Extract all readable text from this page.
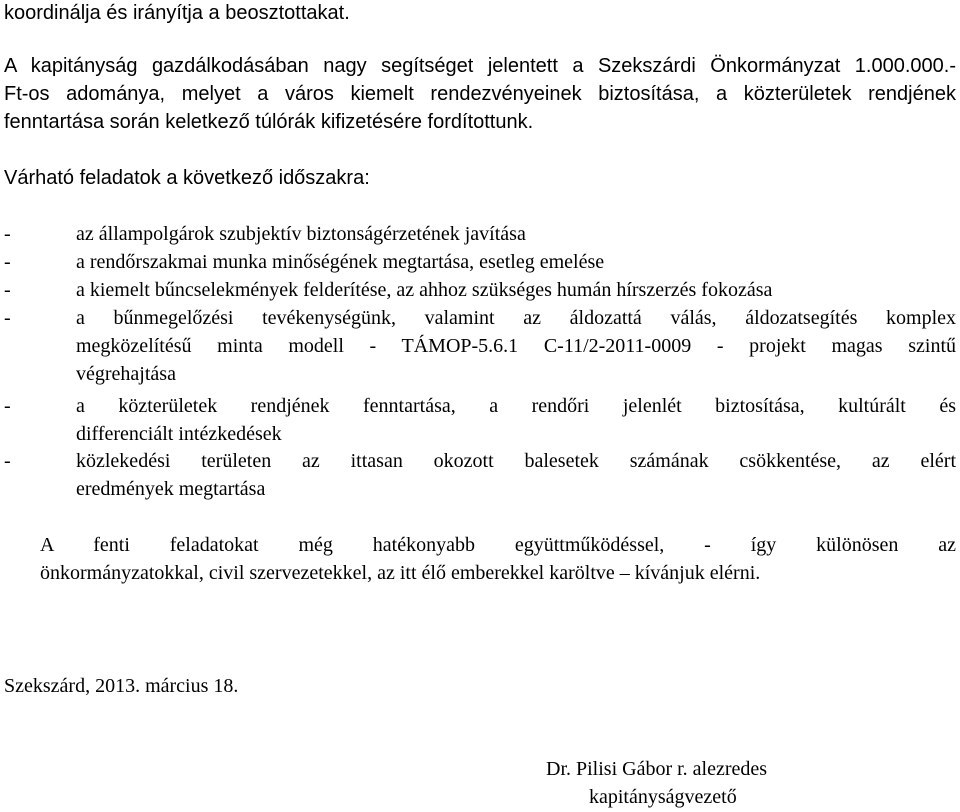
koordinálja és irányítja a beosztottakat.
A kapitányság gazdálkodásában nagy segítséget jelentett a Szekszárdi Önkormányzat 1.000.000.-
Ft-os adománya, melyet a város kiemelt rendezvényeinek biztosítása, a közterületek rendjének
fenntartása során keletkező túlórák kifizetésére fordítottunk.
Várható feladatok a következő időszakra:
-	az állampolgárok szubjektív biztonságérzetének javítása
-	a rendőrszakmai munka minőségének megtartása, esetleg emelése
-	a kiemelt bűncselekmények felderítése, az ahhoz szükséges humán hírszerzés fokozása
-	a bűnmegelőzési tevékenységünk, valamint az áldozattá válás, áldozatsegítés komplex
megközelítésű minta modell - TÁMOP-5.6.1 C-11/2-2011-0009 - projekt magas szintű
végrehajtása
-	a közterületek rendjének fenntartása, a rendőri jelenlét biztosítása, kultúrált és
differenciált intézkedések
-	közlekedési területen az ittasan okozott balesetek számának csökkentése, az elért
eredmények megtartása
A fenti feladatokat még hatékonyabb együttműködéssel, - így különösen az
önkormányzatokkal, civil szervezetekkel, az itt élő emberekkel karöltve – kívánjuk elérni.
Szekszárd, 2013. március 18.
Dr. Pilisi Gábor r. alezredes
kapitányságvezető
